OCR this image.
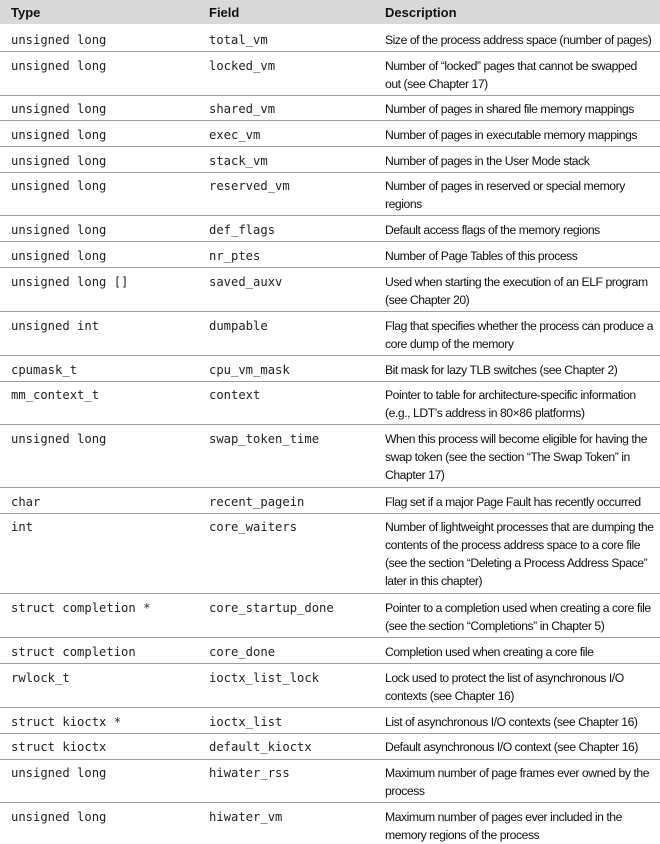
Type	Field	Description
unsigned long	total_vm	Size of the process address space (number of pages)
unsigned long	locked_vm	Number of “locked” pages that cannot be swapped out (see Chapter 17)
unsigned long	shared_vm	Number of pages in shared file memory mappings
unsigned long	exec_vm	Number of pages in executable memory mappings
unsigned long	stack_vm	Number of pages in the User Mode stack
unsigned long	reserved_vm	Number of pages in reserved or special memory regions
unsigned long	def_flags	Default access flags of the memory regions
unsigned long	nr_ptes	Number of Page Tables of this process
unsigned long []	saved_auxv	Used when starting the execution of an ELF program (see Chapter 20)
unsigned int	dumpable	Flag that specifies whether the process can produce a core dump of the memory
cpumask_t	cpu_vm_mask	Bit mask for lazy TLB switches (see Chapter 2)
mm_context_t	context	Pointer to table for architecture-specific information (e.g., LDT’s address in 80×86 platforms)
unsigned long	swap_token_time	When this process will become eligible for having the swap token (see the section “The Swap Token” in Chapter 17)
char	recent_pagein	Flag set if a major Page Fault has recently occurred
int	core_waiters	Number of lightweight processes that are dumping the contents of the process address space to a core file (see the section “Deleting a Process Address Space” later in this chapter)
struct completion *	core_startup_done	Pointer to a completion used when creating a core file (see the section “Completions” in Chapter 5)
struct completion	core_done	Completion used when creating a core file
rwlock_t	ioctx_list_lock	Lock used to protect the list of asynchronous I/O contexts (see Chapter 16)
struct kioctx *	ioctx_list	List of asynchronous I/O contexts (see Chapter 16)
struct kioctx	default_kioctx	Default asynchronous I/O context (see Chapter 16)
unsigned long	hiwater_rss	Maximum number of page frames ever owned by the process
unsigned long	hiwater_vm	Maximum number of pages ever included in the memory regions of the process
